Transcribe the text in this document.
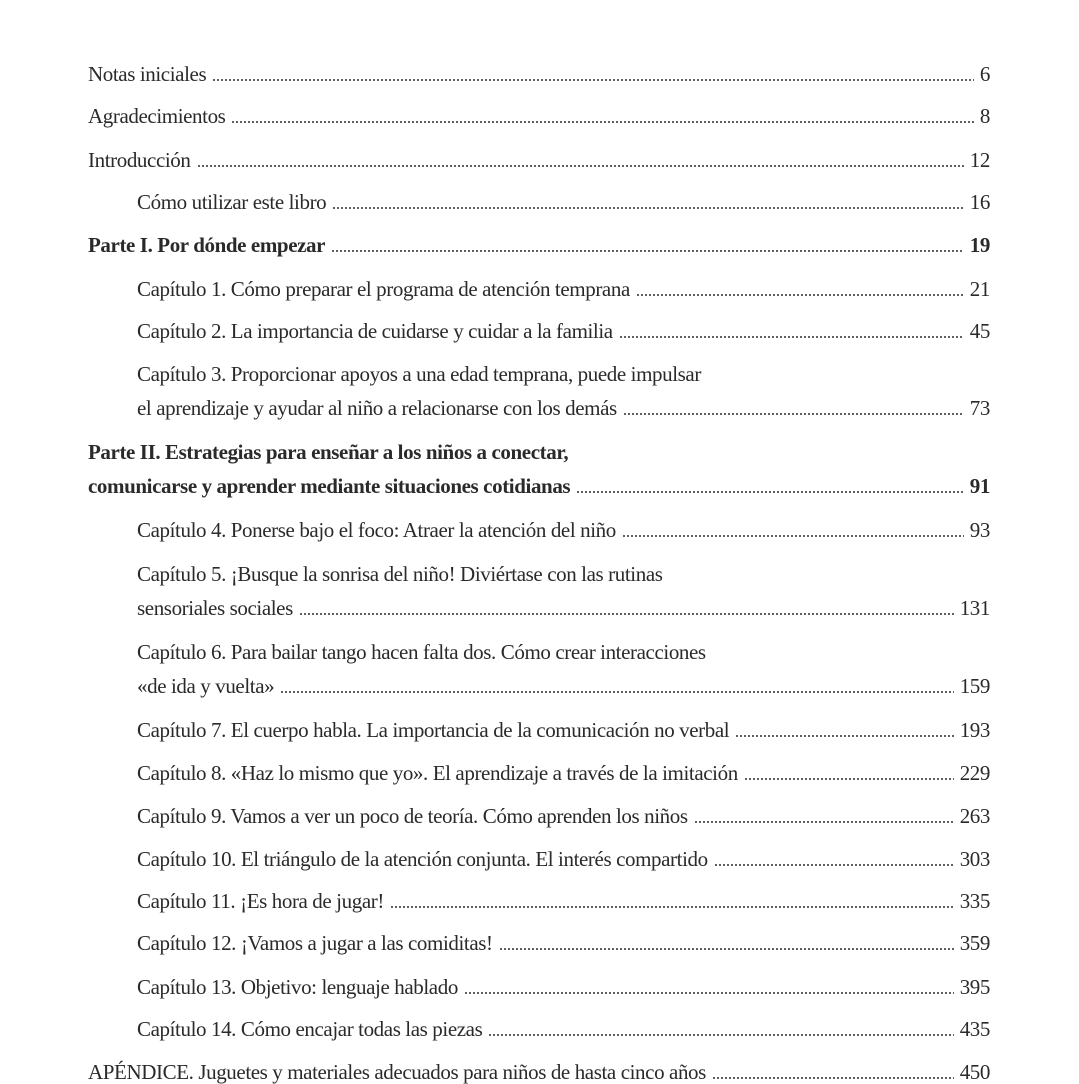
Notas iniciales	6
Agradecimientos	8
Introducción	12
Cómo utilizar este libro	16
Parte I. Por dónde empezar	19
Capítulo 1. Cómo preparar el programa de atención temprana	21
Capítulo 2. La importancia de cuidarse y cuidar a la familia	45
Capítulo 3. Proporcionar apoyos a una edad temprana, puede impulsar
el aprendizaje y ayudar al niño a relacionarse con los demás	73
Parte II. Estrategias para enseñar a los niños a conectar,
comunicarse y aprender mediante situaciones cotidianas	91
Capítulo 4. Ponerse bajo el foco: Atraer la atención del niño	93
Capítulo 5. ¡Busque la sonrisa del niño! Diviértase con las rutinas
sensoriales sociales	131
Capítulo 6. Para bailar tango hacen falta dos. Cómo crear interacciones
«de ida y vuelta»	159
Capítulo 7. El cuerpo habla. La importancia de la comunicación no verbal	193
Capítulo 8. «Haz lo mismo que yo». El aprendizaje a través de la imitación	229
Capítulo 9. Vamos a ver un poco de teoría. Cómo aprenden los niños	263
Capítulo 10. El triángulo de la atención conjunta. El interés compartido	303
Capítulo 11. ¡Es hora de jugar!	335
Capítulo 12. ¡Vamos a jugar a las comiditas!	359
Capítulo 13. Objetivo: lenguaje hablado	395
Capítulo 14. Cómo encajar todas las piezas	435
APÉNDICE. Juguetes y materiales adecuados para niños de hasta cinco años	450
